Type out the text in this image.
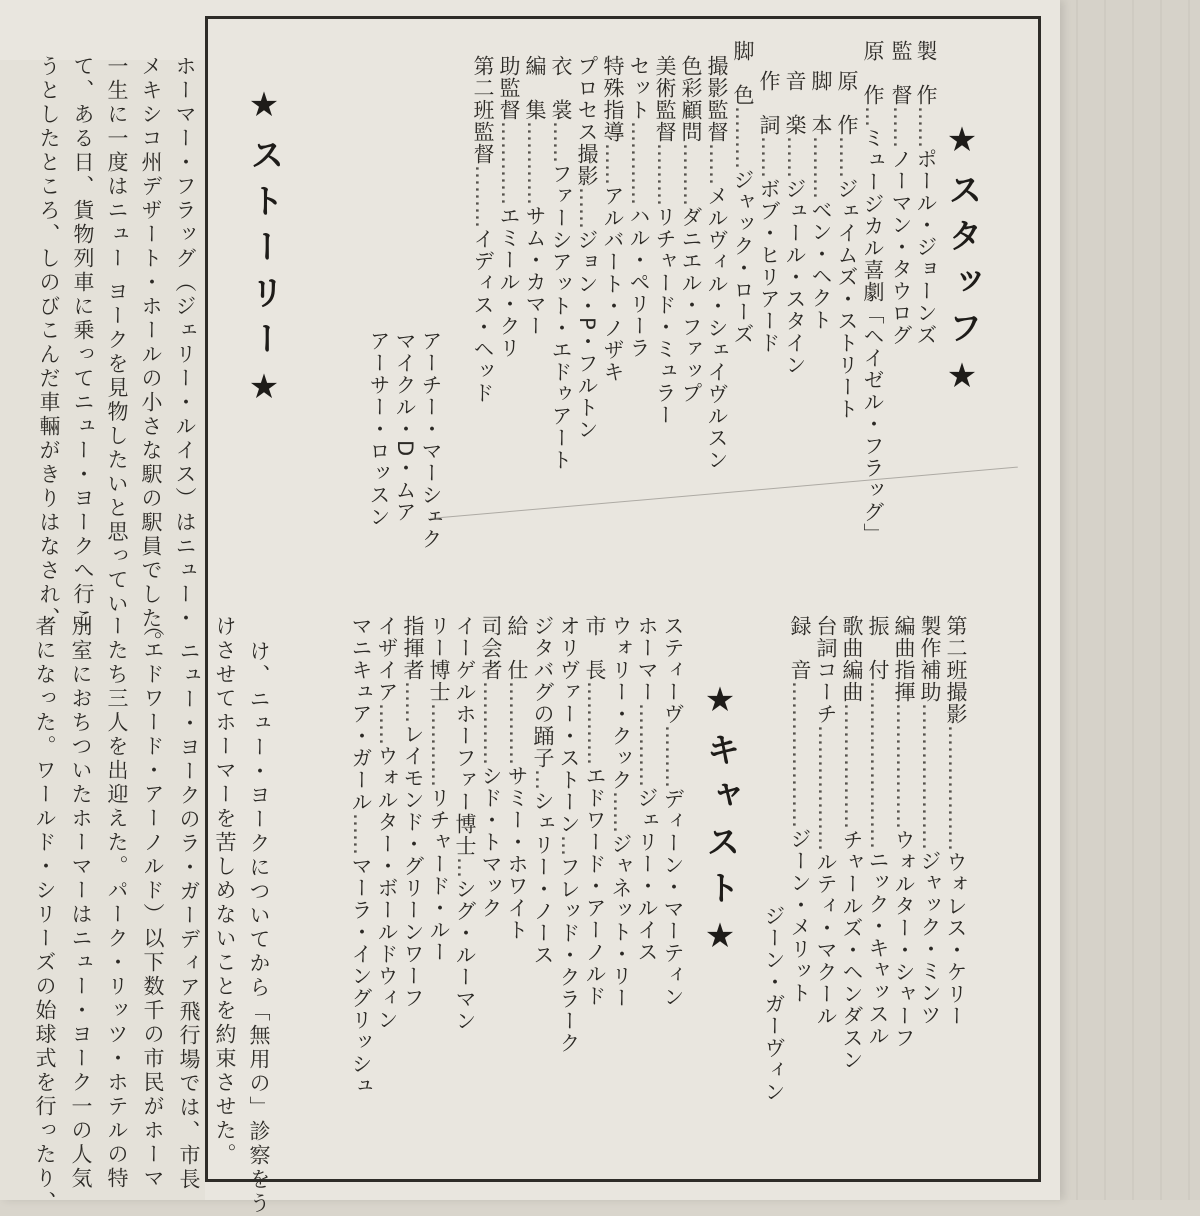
★スタッフ★

製　作……ポール・ジョーンズ

監　督……ノーマン・タウログ

原　作…ミュージカル喜劇「ヘイゼル・フラッグ」

原　作……ジェイムズ・ストリート

脚　本………ベン・ヘクト

音　楽……ジュール・スタイン

作　詞……ボブ・ヒリアード

脚　色………ジャック・ローズ

撮影監督……メルヴィル・シェイヴルスン

色彩顧問………ダニエル・ファップ

美術監督………リチャード・ミュラー

セット…………ハル・ペリーラ

特殊指導……アルバート・ノザキ

プロセス撮影……ジョン・P・フルトン

衣　裳……ファーシアット・エドゥアート

編　集…………サム・カマー

助監督…………エミール・クリ

第二班監督………イディス・ヘッド

アーチー・マーシェク

マイクル・D・ムア

アーサー・ロッスン

第二班撮影………………ウォレス・ケリー

製作補助…………………ジャック・ミンツ

編曲指揮………………ウォルター・シャーフ

振　付……………………ニック・キャッスル

歌曲編曲………………チャールズ・ヘンダスン

台詞コーチ………………ルティ・マクール

録　音…………………ジーン・メリット

ジーン・ガーヴィン

★キャスト★

スティーヴ………ディーン・マーティン

ホーマー…………ジェリー・ルイス

ウォリー・クック……ジャネット・リー

市　長…………エドワード・アーノルド

オリヴァー・ストーン…フレッド・クラーク

ジタバグの踊子…シェリー・ノース

給　仕…………サミー・ホワイト

司会者…………シド・トマック

イーゲルホーファー博士…シグ・ルーマン

リー博士…………リチャード・ルー

指揮者……レイモンド・グリーンワーフ

イザイア……ウォルター・ボールドウィン

マニキュア・ガール……マーラ・イングリッシュ

★ストーリー★

ホーマー・フラッグ（ジェリー・ルイス）はニュー・

メキシコ州デザート・ホールの小さな駅の駅員でした。

一生に一度はニュー ヨークを見物したいと思ってい

て、ある日、貨物列車に乗ってニュー・ヨークへ行こ

うとしたところ、しのびこんだ車輛がきりはなされ、

け、ニュー・ヨークについてから「無用の」診察をう

けさせてホーマーを苦しめないことを約束させた。

ニュー・ヨークのラ・ガーディア飛行場では、市長

（エドワード・アーノルド）以下数千の市民がホーマ

ーたち三人を出迎えた。パーク・リッツ・ホテルの特

別室におちついたホーマーはニュー・ヨーク一の人気

者になった。ワールド・シリーズの始球式を行ったり、
